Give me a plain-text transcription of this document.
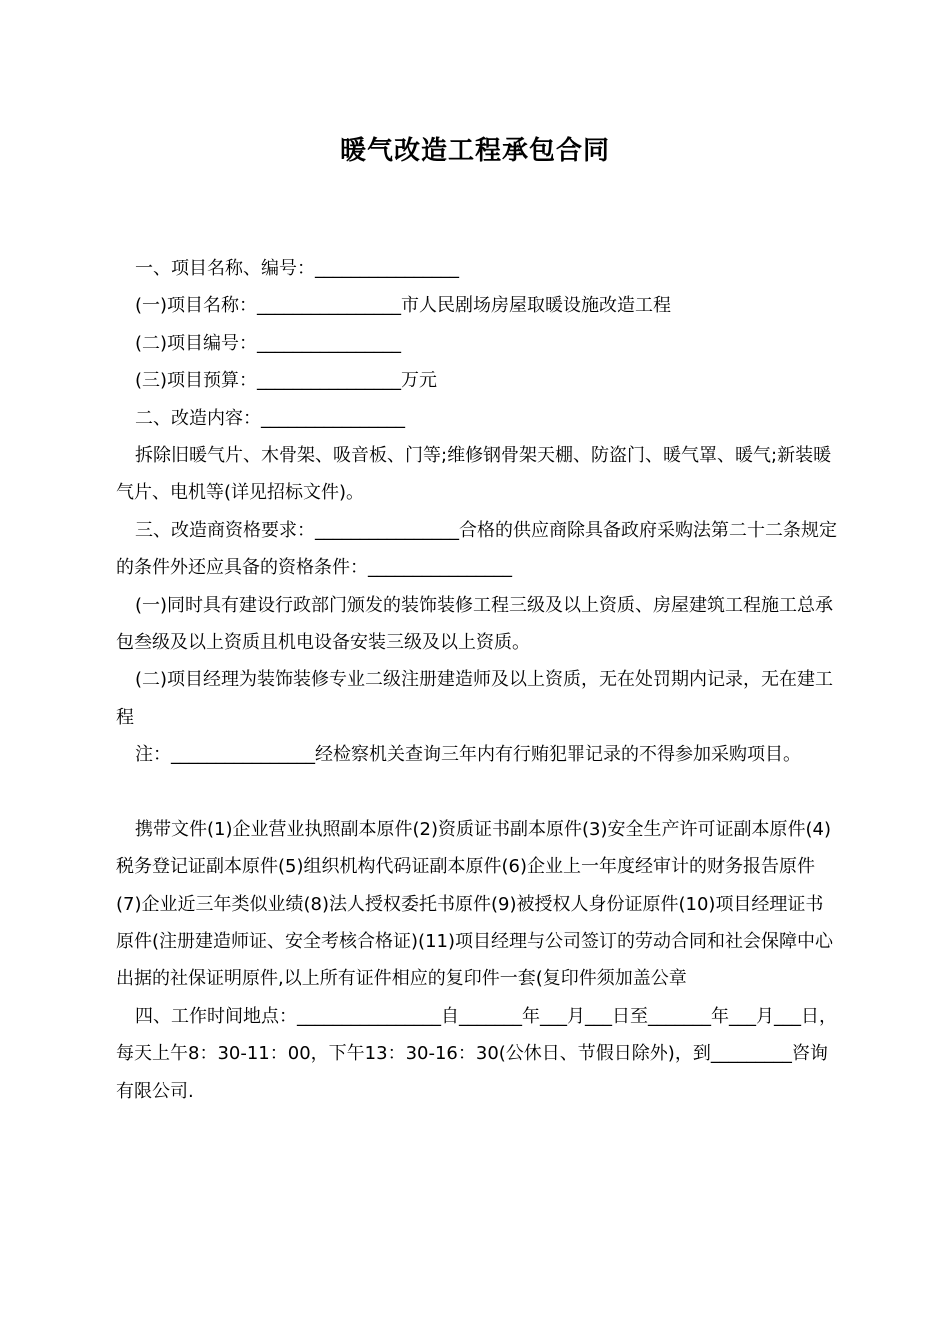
暖气改造工程承包合同

一、项目名称、编号：________________

(一)项目名称：________________市人民剧场房屋取暖设施改造工程

(二)项目编号：________________

(三)项目预算：________________万元

二、改造内容：________________

拆除旧暖气片、木骨架、吸音板、门等;维修钢骨架天棚、防盗门、暖气罩、暖气;新装暖气片、电机等(详见招标文件)。

三、改造商资格要求：________________合格的供应商除具备政府采购法第二十二条规定的条件外还应具备的资格条件：________________

(一)同时具有建设行政部门颁发的装饰装修工程三级及以上资质、房屋建筑工程施工总承包叁级及以上资质且机电设备安装三级及以上资质。

(二)项目经理为装饰装修专业二级注册建造师及以上资质，无在处罚期内记录，无在建工程

注：________________经检察机关查询三年内有行贿犯罪记录的不得参加采购项目。

携带文件(1)企业营业执照副本原件(2)资质证书副本原件(3)安全生产许可证副本原件(4)税务登记证副本原件(5)组织机构代码证副本原件(6)企业上一年度经审计的财务报告原件(7)企业近三年类似业绩(8)法人授权委托书原件(9)被授权人身份证原件(10)项目经理证书原件(注册建造师证、安全考核合格证)(11)项目经理与公司签订的劳动合同和社会保障中心出据的社保证明原件,以上所有证件相应的复印件一套(复印件须加盖公章

四、工作时间地点：________________自_______年___月___日至_______年___月___日，每天上午8：30-11：00，下午13：30-16：30(公休日、节假日除外)，到_________咨询有限公司.
